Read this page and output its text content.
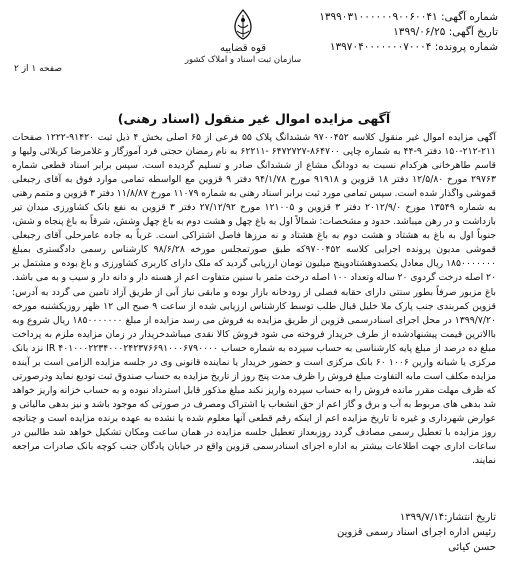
شماره آگهی: ۱۳۹۹۰۳۱۰۰۰۰۰۰۹۰۰۶۰۰۴۱
تاریخ آگهی: ۱۳۹۹/۰۶/۲۵
شماره پرونده: ۱۳۹۷۰۴۰۰۰۰۰۰۰۷۰۰۰۴
قوه قضاییه
سازمان ثبت اسناد و املاک کشور
صفحه ۱ از ۲
آگهی مزایده اموال غیر منقول (اسناد رهنی)
آگهی مزایده اموال غیر منقول کلاسه ۹۷۰۰۴۵۲ ششدانگ پلاک ۵۵ فرعی از ۶۵ اصلی بخش ۴ ذیل ثبت ۹۱۴۲۰-۱۲۲۲ صفحات ۲۱۱-۲۱۲-۱۵۰ دفتر ۹-۴۴ به شماره چاپی ۸۶۴۷۰۰-۶۴۷۲۷۲۷ -۶۲۲۱۱ به نام رمضان حجتی فرد آموزگار و غلامرضا کربلائی ولیها و قاسم طاهرخانی هرکدام نسبت به دودانگ مشاع از ششدانگ صادر و تسلیم گردیده است. سپس برابر اسناد قطعی شماره ۲۹۷۶۳ مورخ ۱۲/۵/۸۰ دفتر ۱۸ قزوین و ۹۱۹۱۸ مورخ ۹۴/۱/۷۸ دفتر ۹ قزوین مع الواسطه تمامی موارد فوق به آقای رجبعلی قموشی واگذار شده است. سپس تمامی مورد ثبت برابر اسناد رهنی به شماره ۱۱۰۷۹ مورخ ۱۱/۸/۸۷ دفتر ۳ قزوین و متمم رهنی به شماره ۱۳۵۴۹ مورخ ۲۰۱۲/۹/۰ دفتر ۳ قزوین و ۱۲۱۰۰۵ مورخ ۲۷/۱۲/۹۲ دفتر ۳ قزوین به نفع بانک کشاورزی میدان تیر بازداشت و در رهن میباشد. حدود و مشخصات: شمالاً اول به باغ چهل و هشت دوم به باغ چهل وشش، شرقاً به باغ پنجاه و شش، جنوباً اول به باغ به هشتاد و هشت دوم به باغ هشتاد و نه مرزها فاصل اشتراکی است. غرباً به جاده عامرحلی آقای رجبعلی قموشی مدیون پرونده اجرایی کلاسه ۹۷۰۰۴۵۲که طبق صورتمجلس مورخه ۹۸/۶/۲۸ کارشناس رسمی دادگستری بمبلغ ۱۸۵۰۰۰۰۰۰۰ ریال معادل یکصدوهشتادوپنج میلیون تومان ارزیابی گردید که ملک دارای کاربری کشاورزی و باغ بوده و مشتمل بر ۲۰ اصله درخت گردوی ۲۰ ساله وتعداد ۱۰۰ اصله درخت مثمر با سنین متفاوت اعم از هسته دار و دانه دار و سیب و به می باشد. باغ مزبور صرفاً بطور سنتی دارای حقابه فصلی از رودخانه بازار بوده و مابقی نیاز آبی از طریق آزاد تامین می گردد به آدرس: قزوین کمربندی جنب پارک ملا خلیل قبال طلب توسط کارشناس ارزیابی شده از ساعت ۹ صبح الی ۱۲ ظهر روزیکشنبه مورخه ۱۳۹۹/۷/۲۰ در محل اجرای اسنادرسمی قزوین از طریق مزایده به فروش می رسد مزایده از مبلغ ۱۸۵۰۰۰۰۰۰۰ ریال شروع وبه باالاترین قیمت پیشنهادشده از طرف خریدار فروخته می شود فروش کالا نقدی میباشدخریدار در زمان مزایده ملزم به پرداخت مبلغ ده درصد از مبلغ پایه کارشناسی به حساب سپرده به شماره حساب ۴۰۱۰۰۰۲۲۳۴۰۰۰۲۴۲۳۷۶۶۹۱۰۰۰۶۷۹۰۰۰۰ IR نزد بانک مرکزی یا شبانه وارین ۱۰۰۶ ۶۰ بانک مرکزی است و حضور خریدار یا نماینده قانونی وی در جلسه مزایده الزامی است بر آینده مزایده مکلف است مابه التفاوت مبلغ فروش را ظرف مدت پنج روز از تاریخ مزایده به حساب صندوق ثبت تودیع نماید ودرصورتی که ظرف مهلت مقرر مانده فروش را به حساب سپرده واریز نکند مبلغ مذکور قابل استرداد نبوده و به حساب خزانه واریز خواهد شد بدهی های مربوط به آب و برق و گاز اعم از حق انشعاب یا اشتراک ومصرف در صورتی که موجود باشد و نیز بدهی مالیاتی و عوارض شهرداری و غیره تا تاریخ مزایده اعم از اینکه رقم قطعی آنها معلوم شده یا نشده به عهده برنده مزایده است و چنانچه روز مزایده با تعطیل رسمی مصادف گردد روزبعداز تعطیل جلسه مزایده در همان ساعت ومکان تشکیل خواهد شد طالبین در ساعات اداری جهت اطلاعات بیشتر به اداره اجرای اسنادرسمی قزوین واقع در خیابان پادگان جنب کوچه بانک صادرات مراجعه نمایند.
تاریخ انتشار:۱۳۹۹/۷/۱۴
رئیس اداره اجرای اسناد رسمی قزوین
حسن کیائی
